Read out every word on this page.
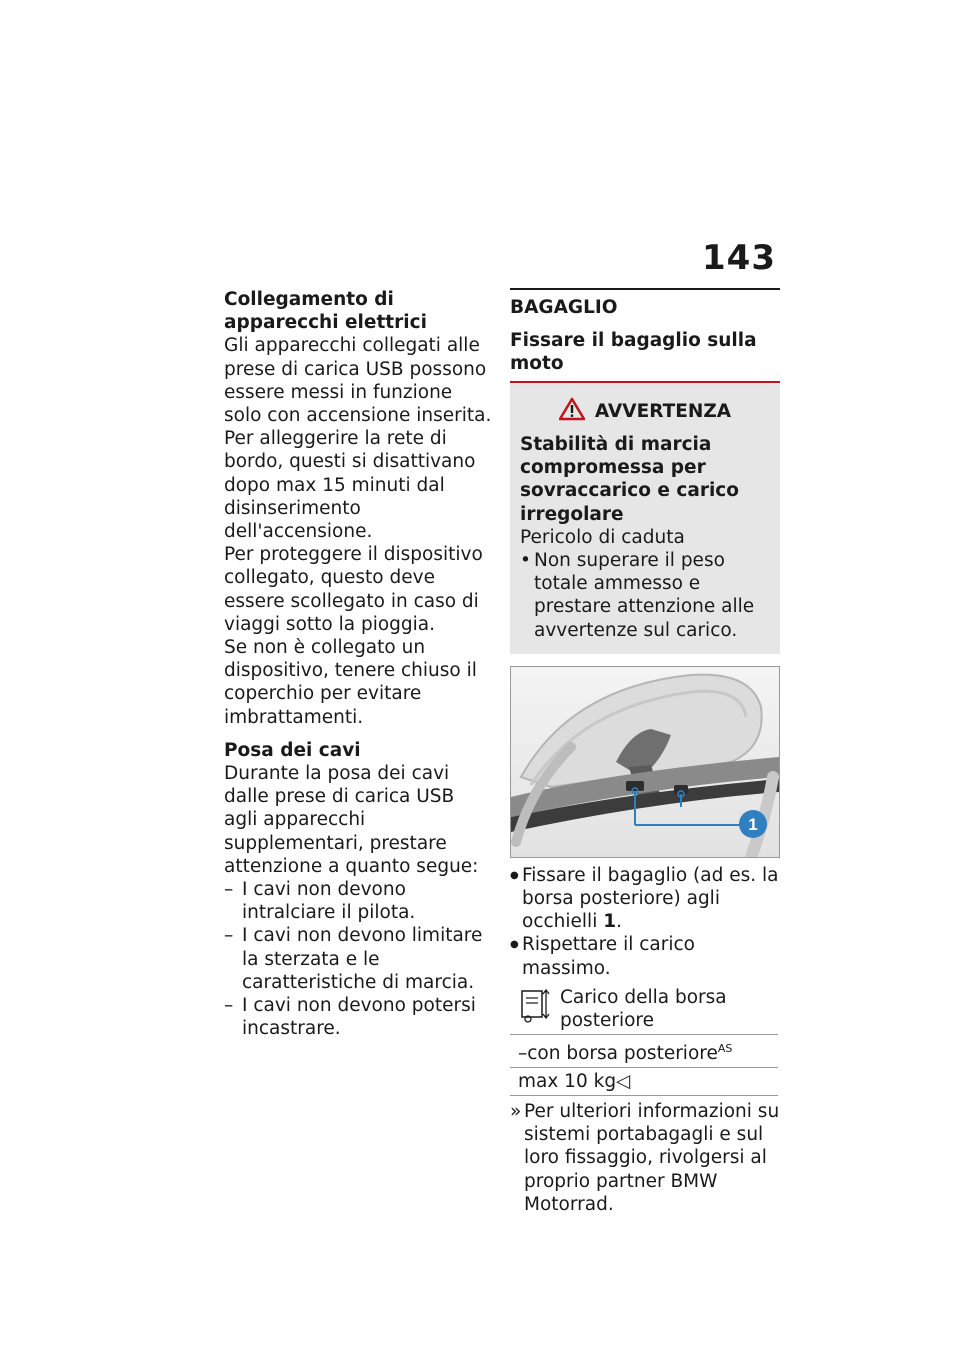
143

Collegamento di apparecchi elettrici

Gli apparecchi collegati alle prese di carica USB possono essere messi in funzione solo con accensione inserita. Per alleggerire la rete di bordo, questi si disattivano dopo max 15 minuti dal disinserimento dell'accensione.

Per proteggere il dispositivo collegato, questo deve essere scollegato in caso di viaggi sotto la pioggia.

Se non è collegato un dispositivo, tenere chiuso il coperchio per evitare imbrattamenti.

Posa dei cavi

Durante la posa dei cavi dalle prese di carica USB agli apparecchi supplementari, prestare attenzione a quanto segue:

– I cavi non devono intralciare il pilota.
– I cavi non devono limitare la sterzata e le caratteristiche di marcia.
– I cavi non devono potersi incastrare.
BAGAGLIO
Fissare il bagaglio sulla moto
AVVERTENZA
Stabilità di marcia compromessa per sovraccarico e carico irregolare
Pericolo di caduta
• Non superare il peso totale ammesso e prestare attenzione alle avvertenze sul carico.
1
● Fissare il bagaglio (ad es. la borsa posteriore) agli occhielli 1.
● Rispettare il carico massimo.
Carico della borsa posteriore

–con borsa posteriore$^{AS}$
max 10 kg◁
» Per ulteriori informazioni su sistemi portabagagli e sul loro fissaggio, rivolgersi al proprio partner BMW Motorrad.
